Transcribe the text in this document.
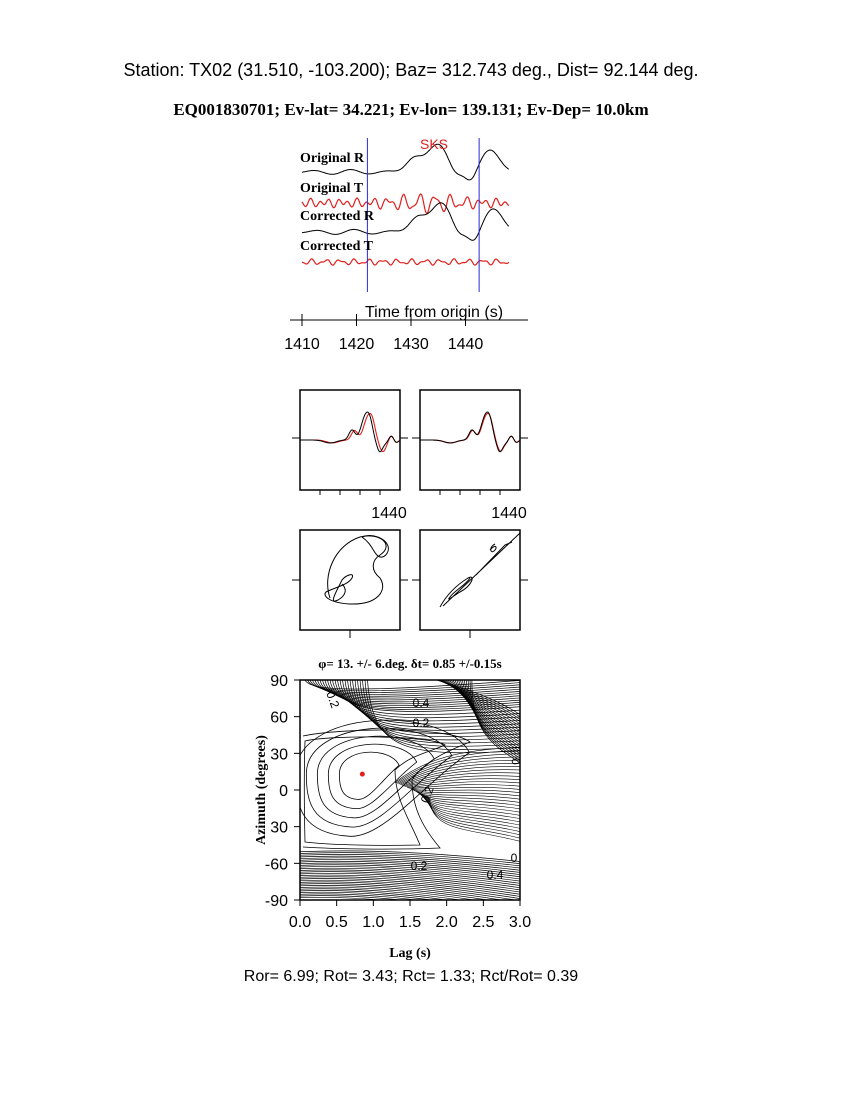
Station: TX02 (31.510, -103.200); Baz= 312.743 deg., Dist= 92.144 deg.
EQ001830701; Ev-lat= 34.221; Ev-lon= 139.131; Ev-Dep= 10.0km
SKS
Original R
Original T
Corrected R
Corrected T
Time from origin (s)
1410 1420 1430 1440
1440	1440
φ= 13. +/- 6.deg. δt= 0.85 +/-0.15s
0.2	0.4
0.2
0
0.2
0
0.2
0.4
0.0 0.5 1.0 1.5 2.0 2.5 3.0
90
60
30
0
30
-60
-90
Lag (s)
Azimuth (degrees)
Ror= 6.99; Rot= 3.43; Rct= 1.33; Rct/Rot= 0.39
